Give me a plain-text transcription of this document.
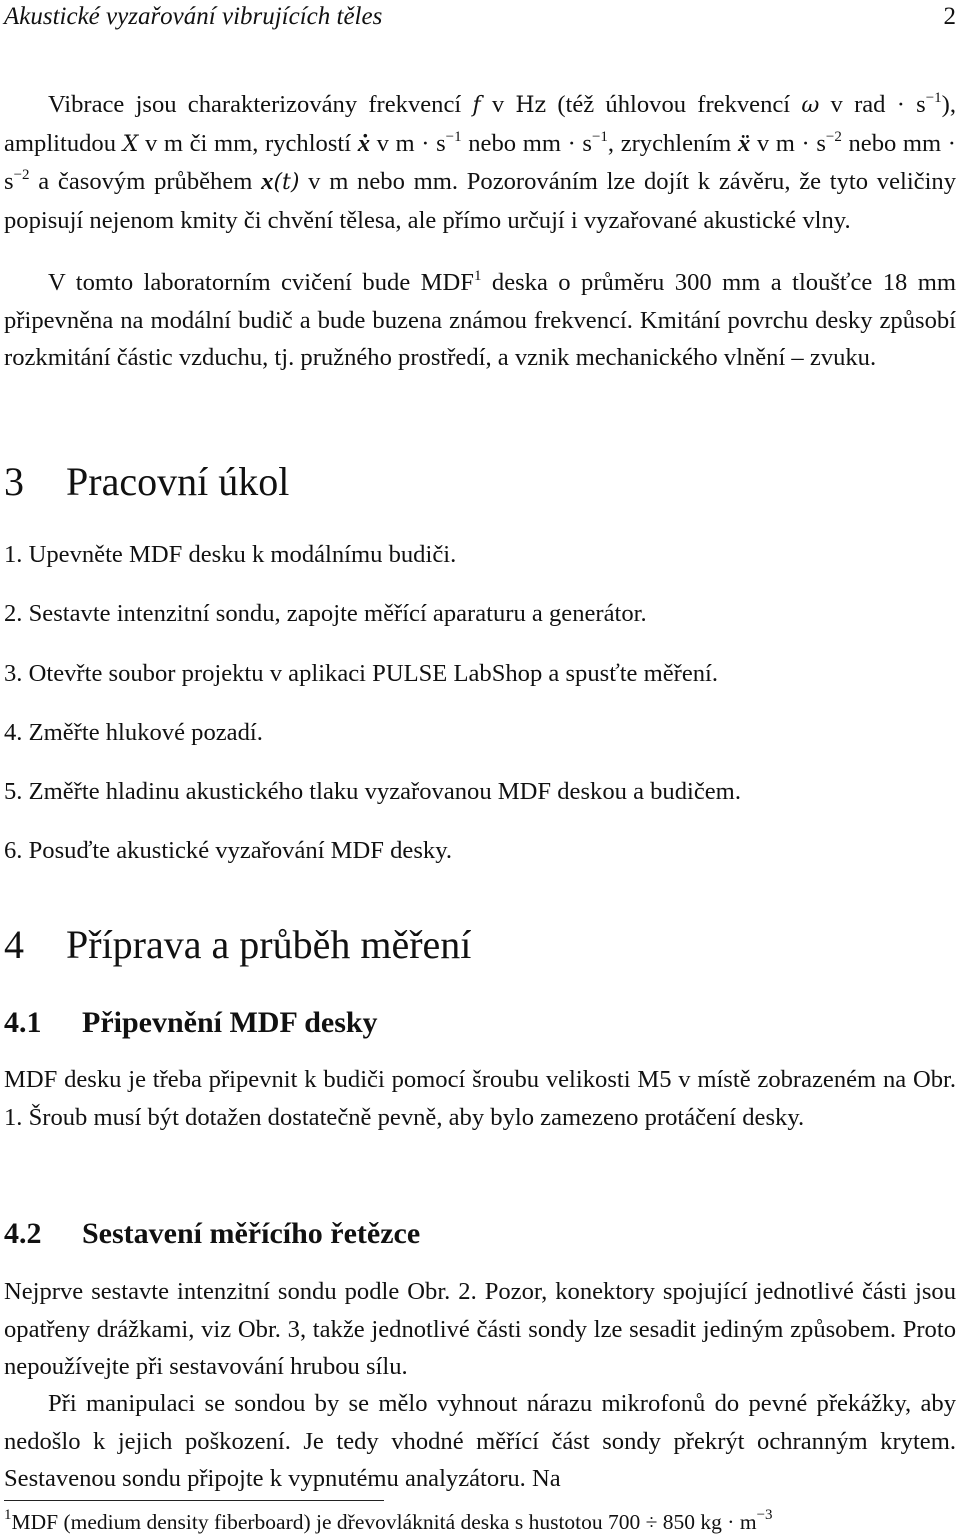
Akustické vyzařování vibrujících těles	2

Vibrace jsou charakterizovány frekvencí f v Hz (též úhlovou frekvencí ω v rad · $s^{-1}$), amplitudou X v m či mm, rychlostí ẋ v $m \cdot s^{-1}$ nebo mm · $s^{-1}$, zrychlením ẍ v $m \cdot s^{-2}$ nebo mm · $s^{-2}$ a časovým průběhem x(t) v m nebo mm. Pozorováním lze dojít k závěru, že tyto veličiny popisují nejenom kmity či chvění tělesa, ale přímo určují i vyzařované akustické vlny.

V tomto laboratorním cvičení bude MDF$^1$ deska o průměru 300 mm a tloušťce 18 mm připevněna na modální budič a bude buzena známou frekvencí. Kmitání povrchu desky způsobí rozkmitání částic vzduchu, tj. pružného prostředí, a vznik mechanického vlnění – zvuku.

3 Pracovní úkol
1. Upevněte MDF desku k modálnímu budiči.
2. Sestavte intenzitní sondu, zapojte měřící aparaturu a generátor.
3. Otevřte soubor projektu v aplikaci PULSE LabShop a spusťte měření.
4. Změřte hlukové pozadí.
5. Změřte hladinu akustického tlaku vyzařovanou MDF deskou a budičem.
6. Posuďte akustické vyzařování MDF desky.
4 Příprava a průběh měření
4.1 Připevnění MDF desky

MDF desku je třeba připevnit k budiči pomocí šroubu velikosti M5 v místě zobrazeném na Obr. 1. Šroub musí být dotažen dostatečně pevně, aby bylo zamezeno protáčení desky.

4.2 Sestavení měřícího řetězce

Nejprve sestavte intenzitní sondu podle Obr. 2. Pozor, konektory spojující jednotlivé části jsou opatřeny drážkami, viz Obr. 3, takže jednotlivé části sondy lze sesadit jediným způsobem. Proto nepoužívejte při sestavování hrubou sílu.

Při manipulaci se sondou by se mělo vyhnout nárazu mikrofonů do pevné překážky, aby nedošlo k jejich poškození. Je tedy vhodné měřící část sondy překrýt ochranným krytem. Sestavenou sondu připojte k vypnutému analyzátoru. Na

$^1$MDF (medium density fiberboard) je dřevovláknitá deska s hustotou 700 ÷ 850 kg · $m^{-3}$
